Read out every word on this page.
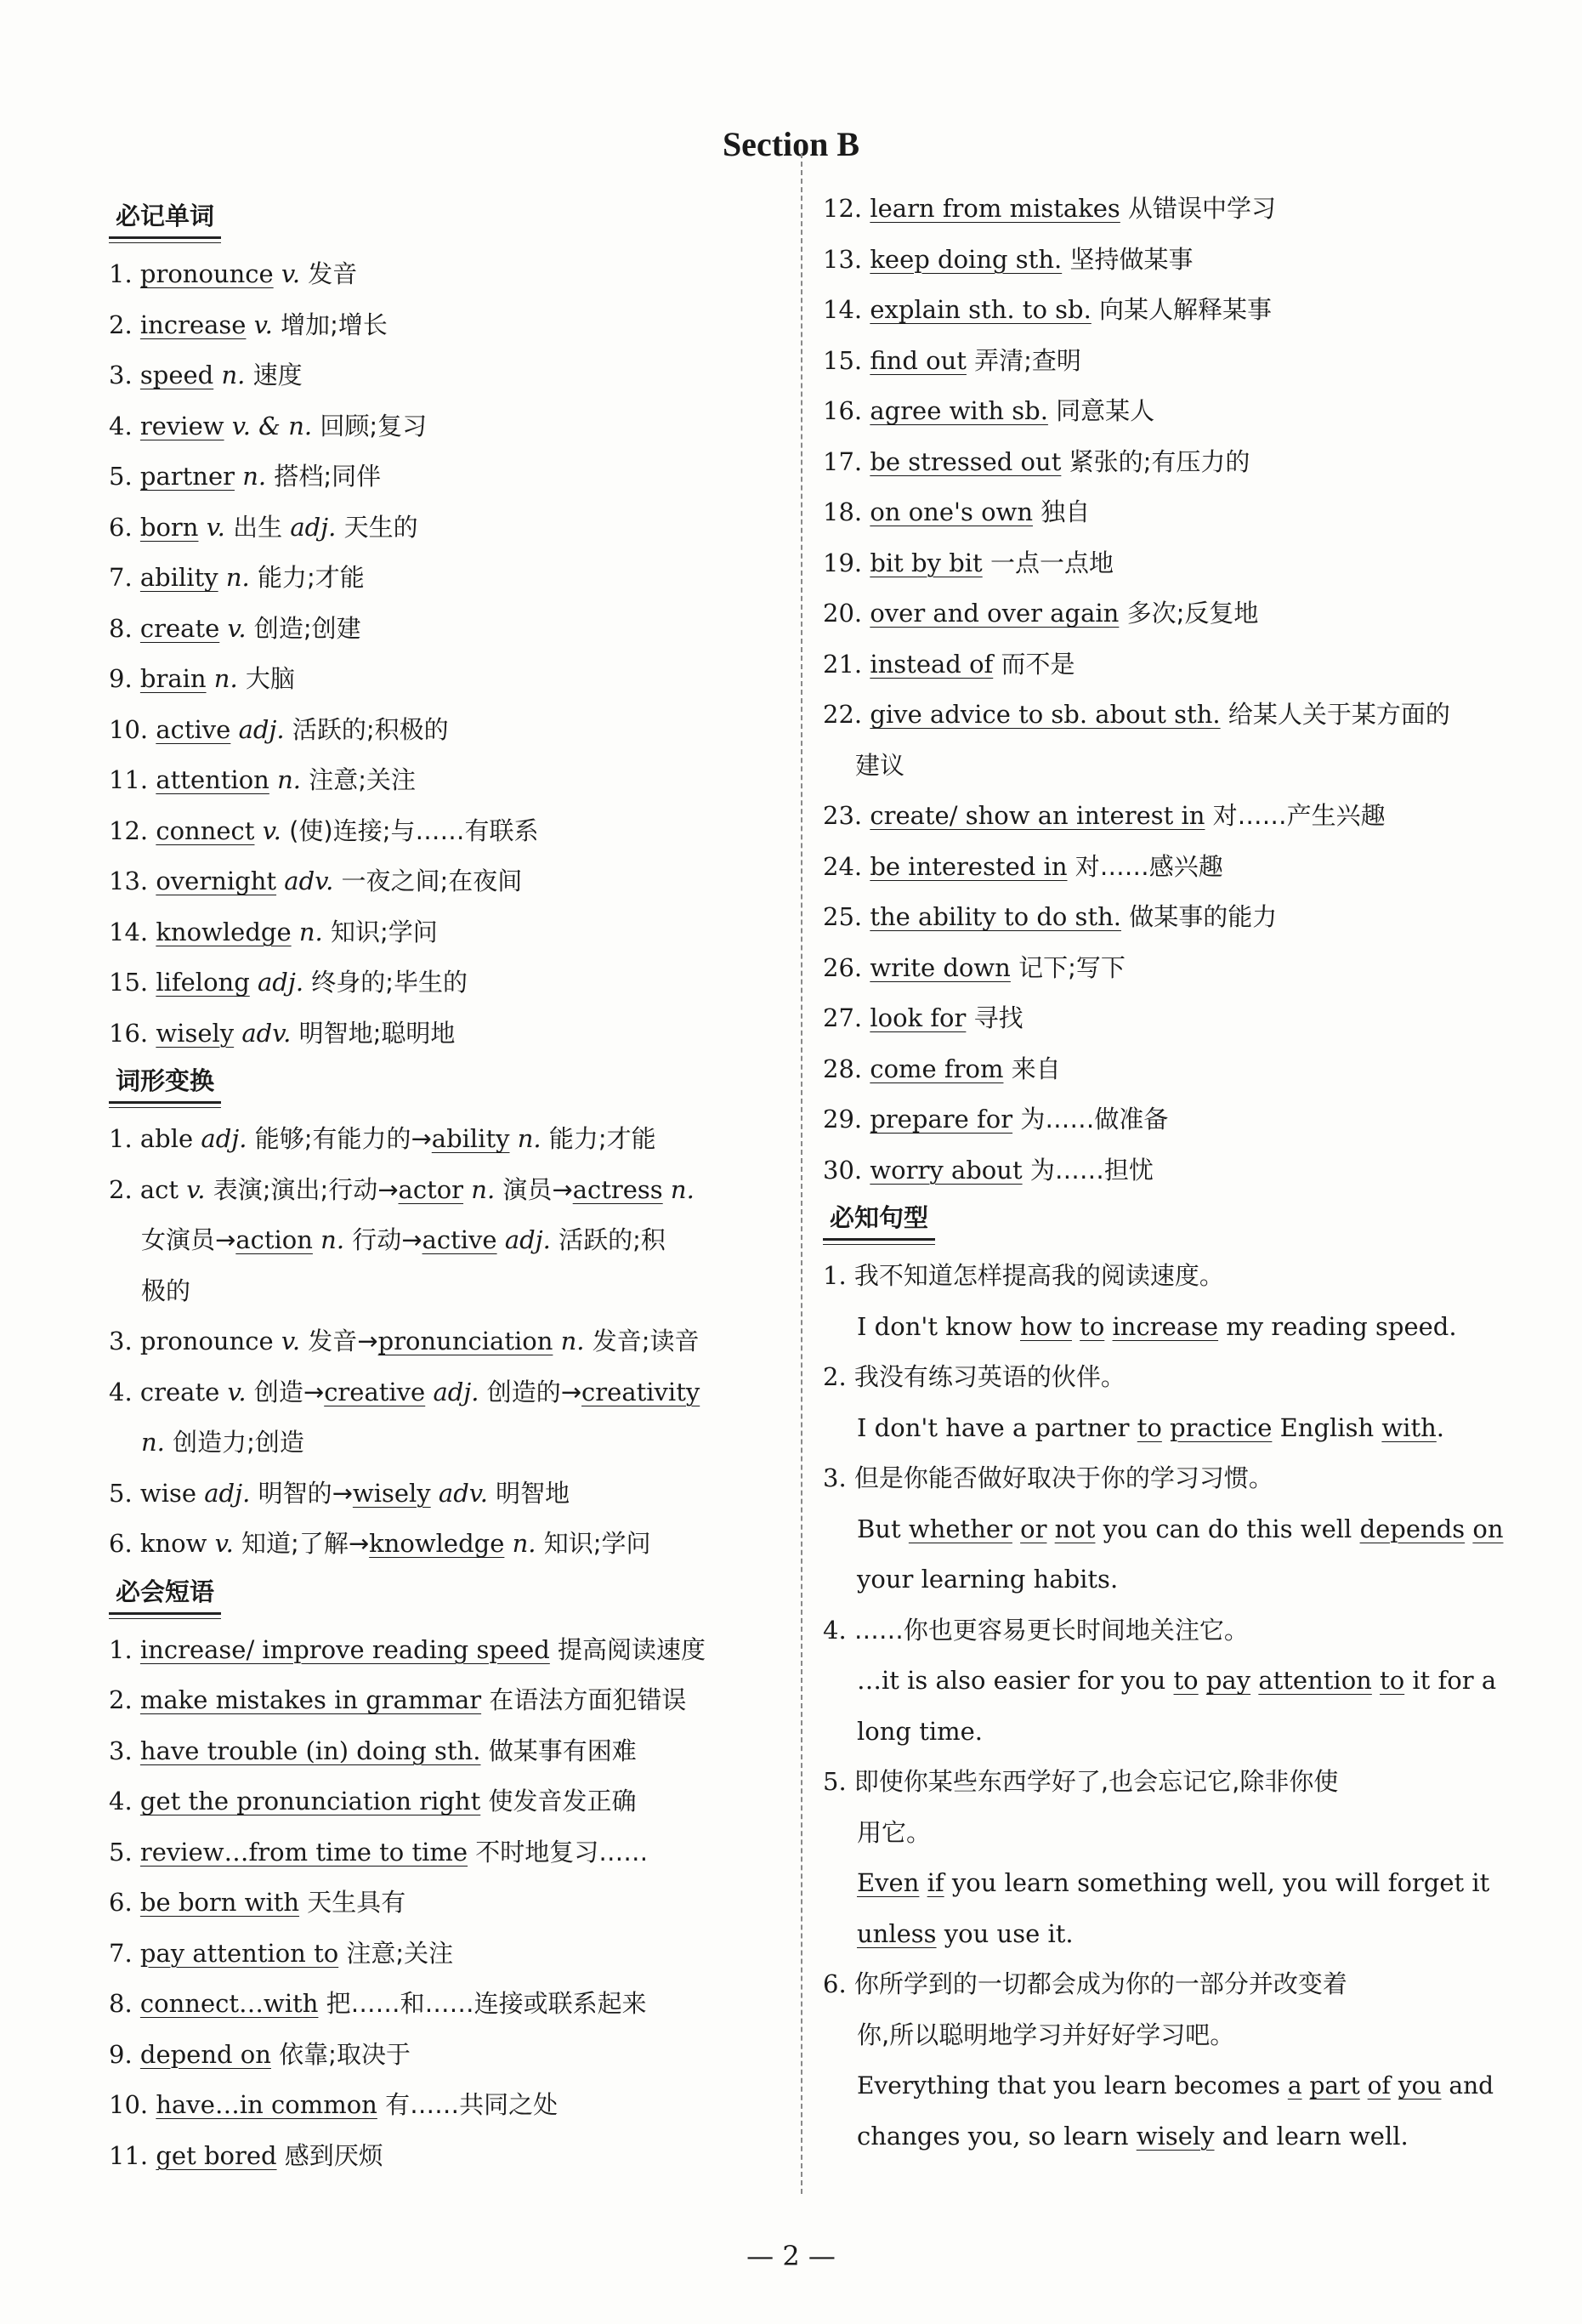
Section B
必记单词
1. pronounce v. 发音
2. increase v. 增加;增长
3. speed n. 速度
4. review v. & n. 回顾;复习
5. partner n. 搭档;同伴
6. born v. 出生 adj. 天生的
7. ability n. 能力;才能
8. create v. 创造;创建
9. brain n. 大脑
10. active adj. 活跃的;积极的
11. attention n. 注意;关注
12. connect v. (使)连接;与……有联系
13. overnight adv. 一夜之间;在夜间
14. knowledge n. 知识;学问
15. lifelong adj. 终身的;毕生的
16. wisely adv. 明智地;聪明地
词形变换
1. able adj. 能够;有能力的→ability n. 能力;才能
2. act v. 表演;演出;行动→actor n. 演员→actress n.
女演员→action n. 行动→active adj. 活跃的;积
极的
3. pronounce v. 发音→pronunciation n. 发音;读音
4. create v. 创造→creative adj. 创造的→creativity
n. 创造力;创造
5. wise adj. 明智的→wisely adv. 明智地
6. know v. 知道;了解→knowledge n. 知识;学问
必会短语
1. increase/ improve reading speed 提高阅读速度
2. make mistakes in grammar 在语法方面犯错误
3. have trouble (in) doing sth. 做某事有困难
4. get the pronunciation right 使发音发正确
5. review…from time to time 不时地复习……
6. be born with 天生具有
7. pay attention to 注意;关注
8. connect…with 把……和……连接或联系起来
9. depend on 依靠;取决于
10. have…in common 有……共同之处
11. get bored 感到厌烦
12. learn from mistakes 从错误中学习
13. keep doing sth. 坚持做某事
14. explain sth. to sb. 向某人解释某事
15. find out 弄清;查明
16. agree with sb. 同意某人
17. be stressed out 紧张的;有压力的
18. on one's own 独自
19. bit by bit 一点一点地
20. over and over again 多次;反复地
21. instead of 而不是
22. give advice to sb. about sth. 给某人关于某方面的
建议
23. create/ show an interest in 对……产生兴趣
24. be interested in 对……感兴趣
25. the ability to do sth. 做某事的能力
26. write down 记下;写下
27. look for 寻找
28. come from 来自
29. prepare for 为……做准备
30. worry about 为……担忧
必知句型
1. 我不知道怎样提高我的阅读速度。
I don't know how to increase my reading speed.
2. 我没有练习英语的伙伴。
I don't have a partner to practice English with.
3. 但是你能否做好取决于你的学习习惯。
But whether or not you can do this well depends on
your learning habits.
4. ……你也更容易更长时间地关注它。
…it is also easier for you to pay attention to it for a
long time.
5. 即使你某些东西学好了,也会忘记它,除非你使
用它。
Even if you learn something well, you will forget it
unless you use it.
6. 你所学到的一切都会成为你的一部分并改变着
你,所以聪明地学习并好好学习吧。
Everything that you learn becomes a part of you and
changes you, so learn wisely and learn well.
— 2 —
